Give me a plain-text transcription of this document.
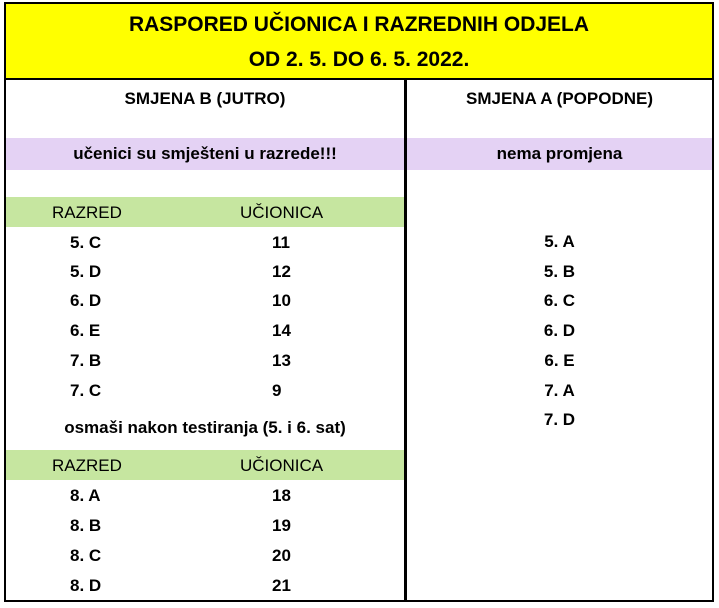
RASPORED UČIONICA I RAZREDNIH ODJELA
OD 2. 5. DO 6. 5. 2022.
SMJENA B (JUTRO)
učenici su smješteni u razrede!!!
RAZRED	UČIONICA
5. C	11
5. D	12
6. D	10
6. E	14
7. B	13
7. C	9
osmaši nakon testiranja (5. i 6. sat)
RAZRED	UČIONICA
8. A	18
8. B	19
8. C	20
8. D	21
SMJENA A (POPODNE)
nema promjena
5. A
5. B
6. C
6. D
6. E
7. A
7. D
